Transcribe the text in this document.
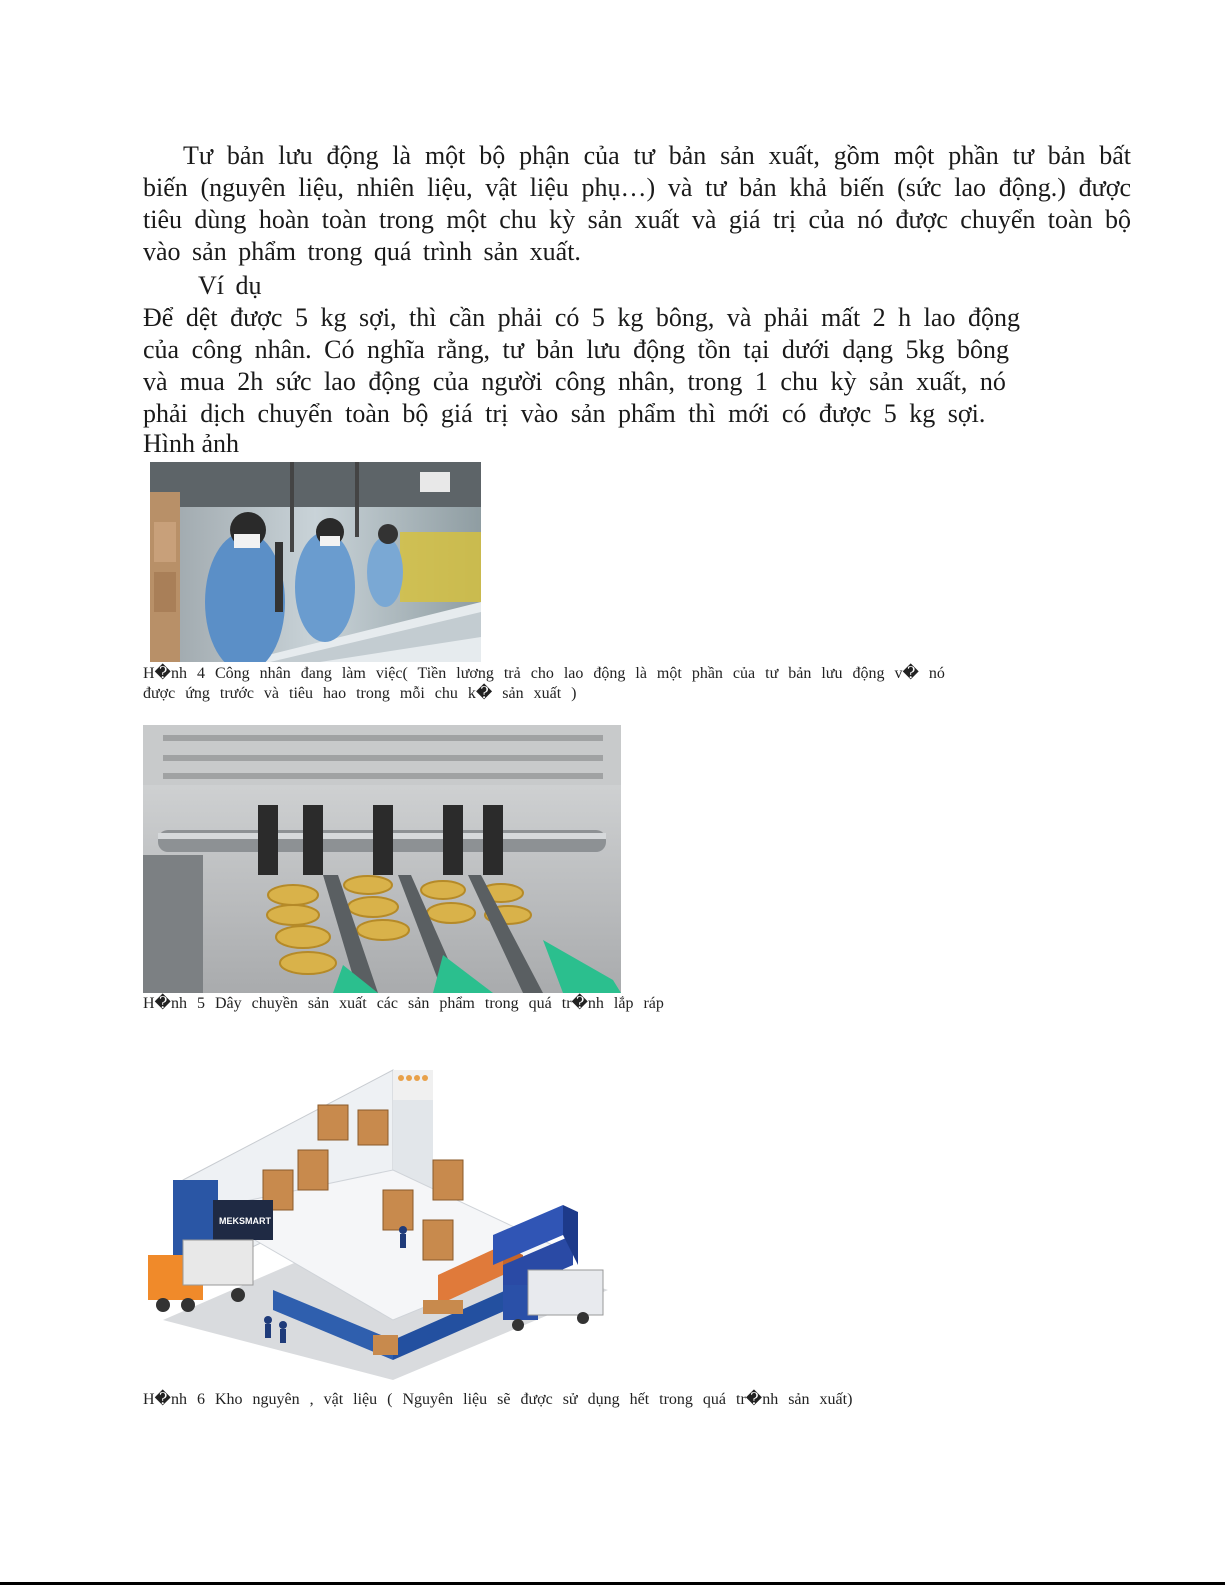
Tư bản lưu động là một bộ phận của tư bản sản xuất, gồm một phần tư bản bất biến (nguyên liệu, nhiên liệu, vật liệu phụ…) và tư bản khả biến (sức lao động.) được tiêu dùng hoàn toàn trong một chu kỳ sản xuất và giá trị của nó được chuyển toàn bộ vào sản phẩm trong quá trình sản xuất.

Ví dụ

Để dệt được 5 kg sợi, thì cần phải có 5 kg bông, và phải mất 2 h lao động
của công nhân. Có nghĩa rằng, tư bản lưu động tồn tại dưới dạng 5kg bông
và mua 2h sức lao động của người công nhân, trong 1 chu kỳ sản xuất, nó
phải dịch chuyển toàn bộ giá trị vào sản phẩm thì mới có được 5 kg sợi.

Hình ảnh

H�nh 4 Công nhân đang làm việc( Tiền lương trả cho lao động là một phần của tư bản lưu động v� nó
được ứng trước và tiêu hao trong mỗi chu k� sản xuất )
H�nh 5 Dây chuyền sản xuất các sản phẩm trong quá tr�nh lắp ráp
MEKSMART
H�nh 6 Kho nguyên , vật liệu ( Nguyên liệu sẽ được sử dụng hết trong quá tr�nh sản xuất)
